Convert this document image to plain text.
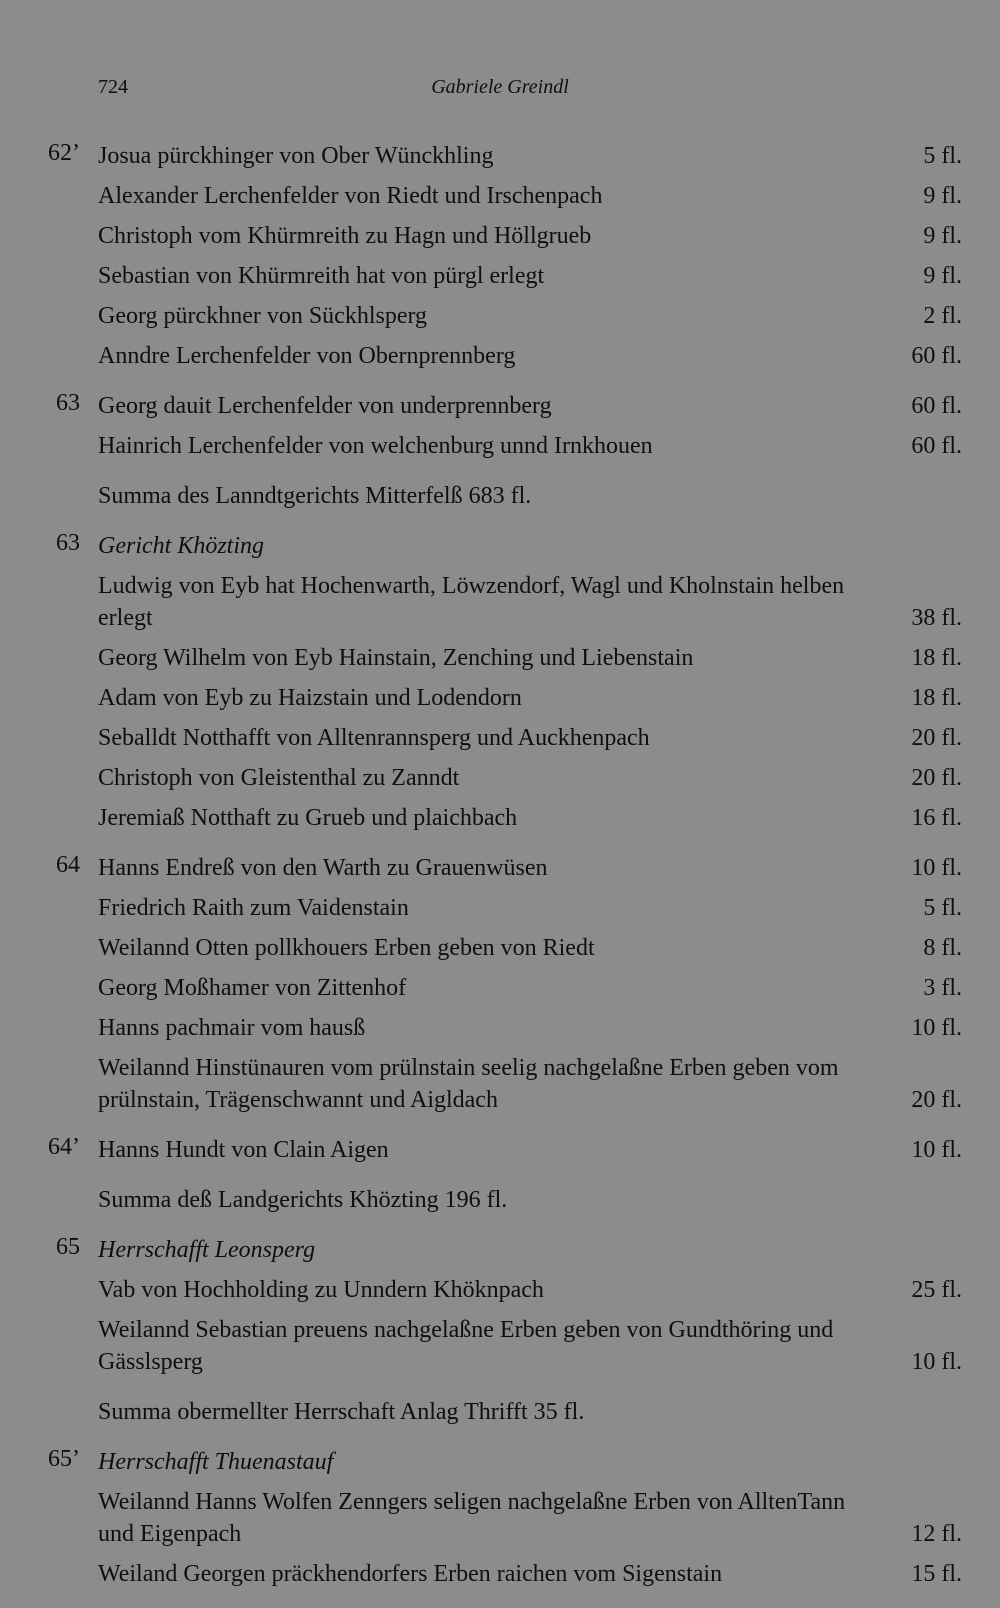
724	Gabriele Greindl
62’ Josua pürckhinger von Ober Wünckhling	5 fl.
Alexander Lerchenfelder von Riedt und Irschenpach	9 fl.
Christoph vom Khürmreith zu Hagn und Höllgrueb	9 fl.
Sebastian von Khürmreith hat von pürgl erlegt	9 fl.
Georg pürckhner von Sückhlsperg	2 fl.
Anndre Lerchenfelder von Obernprennberg	60 fl.
63 Georg dauit Lerchenfelder von underprennberg	60 fl.
Hainrich Lerchenfelder von welchenburg unnd Irnkhouen	60 fl.
Summa des Lanndtgerichts Mitterfelß 683 fl.
63 Gericht Khözting
Ludwig von Eyb hat Hochenwarth, Löwzendorf, Wagl und Kholnstain helben erlegt	38 fl.
Georg Wilhelm von Eyb Hainstain, Zenching und Liebenstain	18 fl.
Adam von Eyb zu Haizstain und Lodendorn	18 fl.
Seballdt Notthafft von Alltenrannsperg und Auckhenpach	20 fl.
Christoph von Gleistenthal zu Zanndt	20 fl.
Jeremiaß Notthaft zu Grueb und plaichbach	16 fl.
64 Hanns Endreß von den Warth zu Grauenwüsen	10 fl.
Friedrich Raith zum Vaidenstain	5 fl.
Weilannd Otten pollkhouers Erben geben von Riedt	8 fl.
Georg Moßhamer von Zittenhof	3 fl.
Hanns pachmair vom hausß	10 fl.
Weilannd Hinstünauren vom prülnstain seelig nachgelaßne Erben geben vom prülnstain, Trägenschwannt und Aigldach	20 fl.
64’ Hanns Hundt von Clain Aigen	10 fl.
Summa deß Landgerichts Khözting 196 fl.
65 Herrschafft Leonsperg
Vab von Hochholding zu Unndern Khöknpach	25 fl.
Weilannd Sebastian preuens nachgelaßne Erben geben von Gundthöring und Gässlsperg	10 fl.
Summa obermellter Herrschaft Anlag Thrifft 35 fl.
65’ Herrschafft Thuenastauf
Weilannd Hanns Wolfen Zenngers seligen nachgelaßne Erben von AlltenTann und Eigenpach	12 fl.
Weiland Georgen präckhendorfers Erben raichen vom Sigenstain	15 fl.
